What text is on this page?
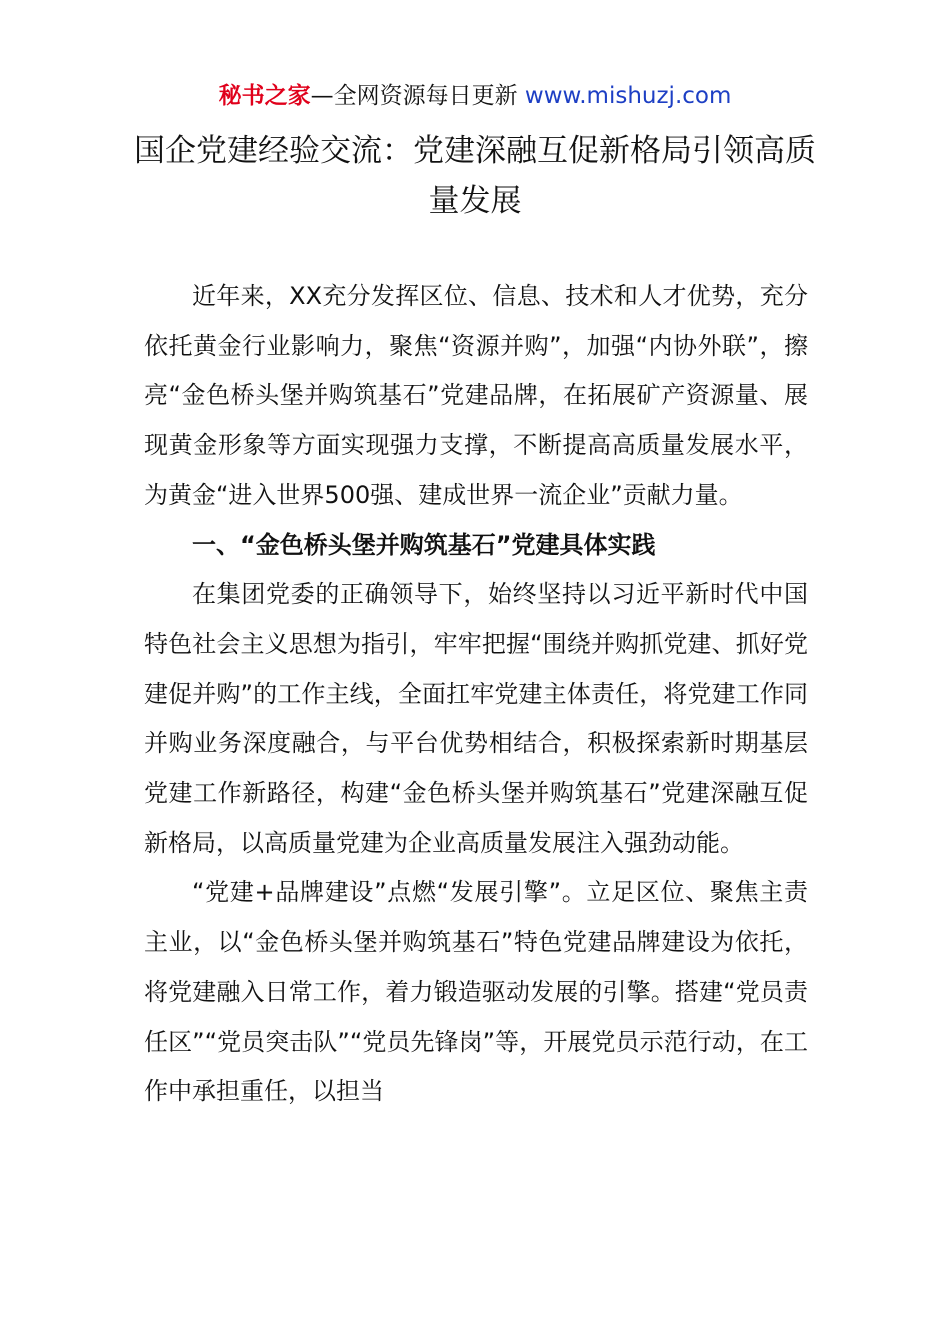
秘书之家—全网资源每日更新 www.mishuzj.com
国企党建经验交流：党建深融互促新格局引领高质量发展

近年来，XX充分发挥区位、信息、技术和人才优势，充分依托黄金行业影响力，聚焦“资源并购”，加强“内协外联”，擦亮“金色桥头堡并购筑基石”党建品牌，在拓展矿产资源量、展现黄金形象等方面实现强力支撑，不断提高高质量发展水平，为黄金“进入世界500强、建成世界一流企业”贡献力量。

一、“金色桥头堡并购筑基石”党建具体实践

在集团党委的正确领导下，始终坚持以习近平新时代中国特色社会主义思想为指引，牢牢把握“围绕并购抓党建、抓好党建促并购”的工作主线，全面扛牢党建主体责任，将党建工作同并购业务深度融合，与平台优势相结合，积极探索新时期基层党建工作新路径，构建“金色桥头堡并购筑基石”党建深融互促新格局，以高质量党建为企业高质量发展注入强劲动能。

“党建+品牌建设”点燃“发展引擎”。立足区位、聚焦主责主业，以“金色桥头堡并购筑基石”特色党建品牌建设为依托，将党建融入日常工作，着力锻造驱动发展的引擎。搭建“党员责任区”“党员突击队”“党员先锋岗”等，开展党员示范行动，在工作中承担重任，以担当
